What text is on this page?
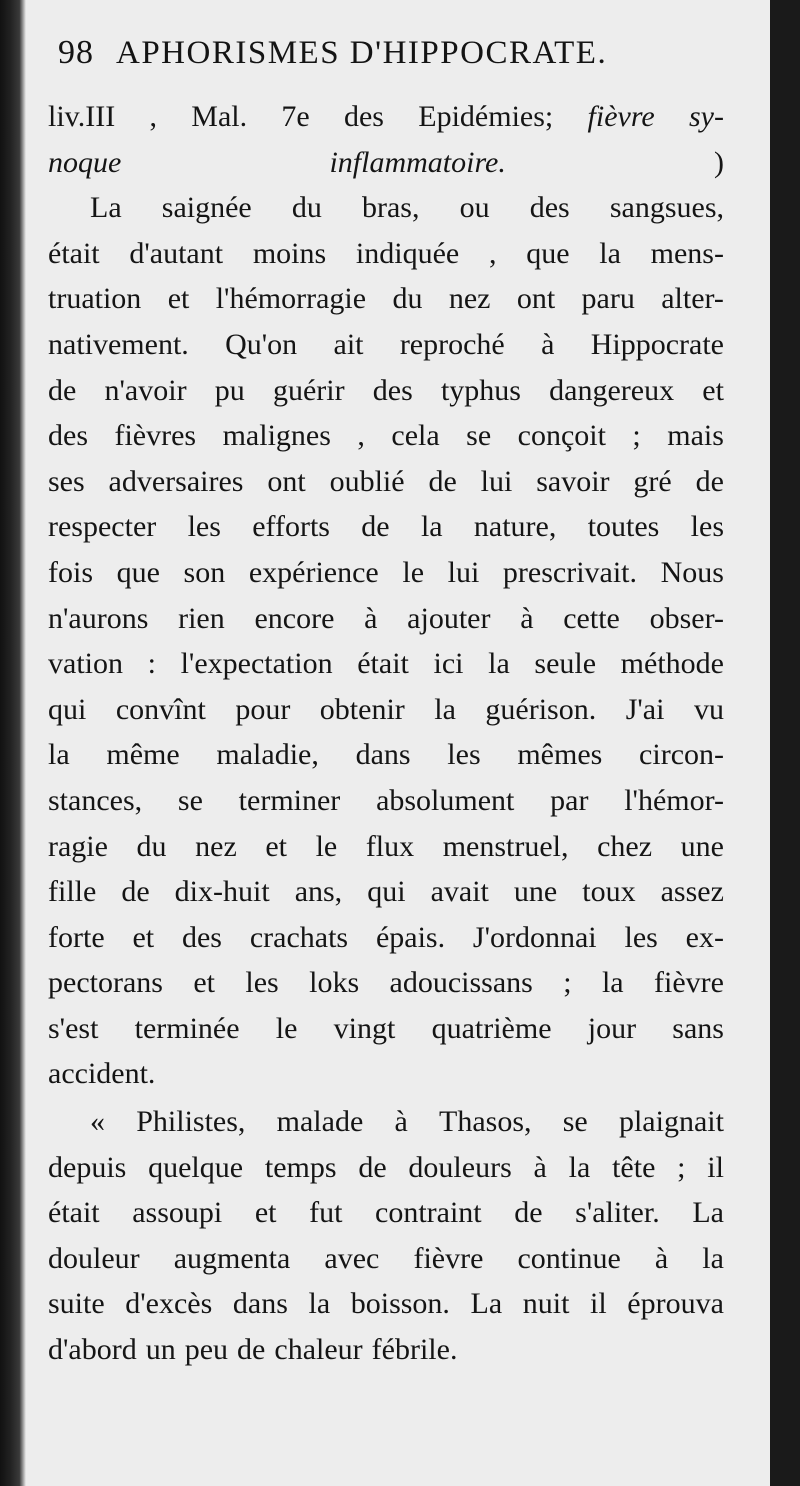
98 APHORISMES D'HIPPOCRATE.
liv.III , Mal. 7e des Epidémies; fièvre sy-
noque	inflammatoire.	)
La saignée du bras, ou des sangsues,
était d'autant moins indiquée , que la mens-
truation et l'hémorragie du nez ont paru alter-
nativement. Qu'on ait reproché à Hippocrate
de n'avoir pu guérir des typhus dangereux et
des fièvres malignes , cela se conçoit ; mais
ses adversaires ont oublié de lui savoir gré de
respecter les efforts de la nature, toutes les
fois que son expérience le lui prescrivait. Nous
n'aurons rien encore à ajouter à cette obser-
vation : l'expectation était ici la seule méthode
qui convînt pour obtenir la guérison. J'ai vu
la même maladie, dans les mêmes circon-
stances, se terminer absolument par l'hémor-
ragie du nez et le flux menstruel, chez une
fille de dix-huit ans, qui avait une toux assez
forte et des crachats épais. J'ordonnai les ex-
pectorans et les loks adoucissans ; la fièvre
s'est terminée le vingt quatrième jour sans
accident.
« Philistes, malade à Thasos, se plaignait
depuis quelque temps de douleurs à la tête ; il
était assoupi et fut contraint de s'aliter. La
douleur augmenta avec fièvre continue à la
suite d'excès dans la boisson. La nuit il éprouva
d'abord un peu de chaleur fébrile.
